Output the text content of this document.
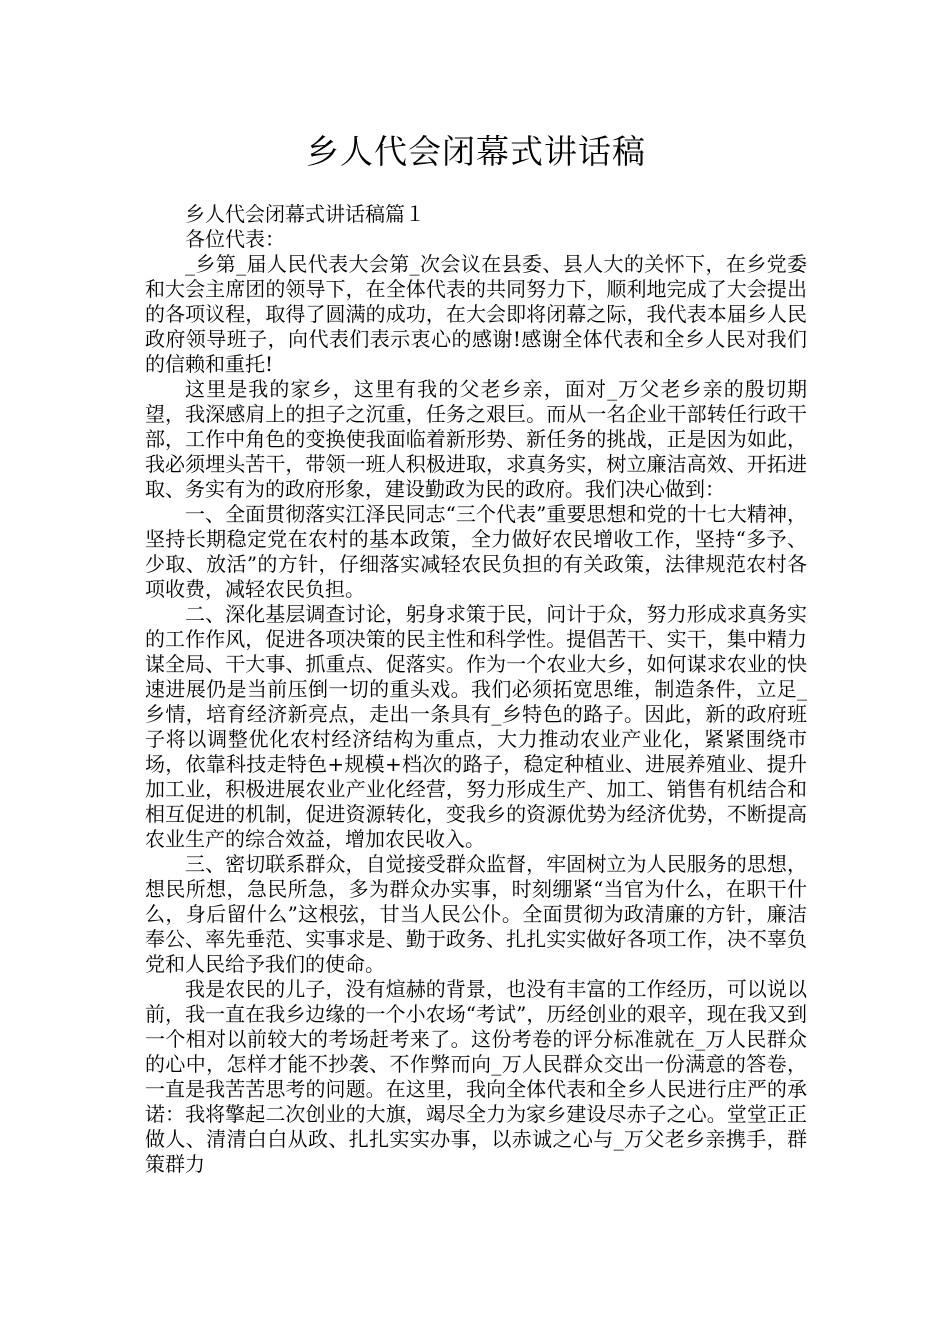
乡人代会闭幕式讲话稿

乡人代会闭幕式讲话稿篇１

各位代表：

_乡第_届人民代表大会第_次会议在县委、县人大的关怀下，在乡党委和大会主席团的领导下，在全体代表的共同努力下，顺利地完成了大会提出的各项议程，取得了圆满的成功，在大会即将闭幕之际，我代表本届乡人民政府领导班子，向代表们表示衷心的感谢!感谢全体代表和全乡人民对我们的信赖和重托!

这里是我的家乡，这里有我的父老乡亲，面对_万父老乡亲的殷切期望，我深感肩上的担子之沉重，任务之艰巨。而从一名企业干部转任行政干部，工作中角色的变换使我面临着新形势、新任务的挑战，正是因为如此，我必须埋头苦干，带领一班人积极进取，求真务实，树立廉洁高效、开拓进取、务实有为的政府形象，建设勤政为民的政府。我们决心做到：

一、全面贯彻落实江泽民同志“三个代表”重要思想和党的十七大精神，坚持长期稳定党在农村的基本政策，全力做好农民增收工作，坚持“多予、少取、放活”的方针，仔细落实减轻农民负担的有关政策，法律规范农村各项收费，减轻农民负担。

二、深化基层调查讨论，躬身求策于民，问计于众，努力形成求真务实的工作作风，促进各项决策的民主性和科学性。提倡苦干、实干，集中精力谋全局、干大事、抓重点、促落实。作为一个农业大乡，如何谋求农业的快速进展仍是当前压倒一切的重头戏。我们必须拓宽思维，制造条件，立足_乡情，培育经济新亮点，走出一条具有_乡特色的路子。因此，新的政府班子将以调整优化农村经济结构为重点，大力推动农业产业化，紧紧围绕市场，依靠科技走特色+规模+档次的路子，稳定种植业、进展养殖业、提升加工业，积极进展农业产业化经营，努力形成生产、加工、销售有机结合和相互促进的机制，促进资源转化，变我乡的资源优势为经济优势，不断提高农业生产的综合效益，增加农民收入。

三、密切联系群众，自觉接受群众监督，牢固树立为人民服务的思想，想民所想，急民所急，多为群众办实事，时刻绷紧“当官为什么，在职干什么，身后留什么”这根弦，甘当人民公仆。全面贯彻为政清廉的方针，廉洁奉公、率先垂范、实事求是、勤于政务、扎扎实实做好各项工作，决不辜负党和人民给予我们的使命。

我是农民的儿子，没有煊赫的背景，也没有丰富的工作经历，可以说以前，我一直在我乡边缘的一个小农场“考试”，历经创业的艰辛，现在我又到一个相对以前较大的考场赶考来了。这份考卷的评分标准就在_万人民群众的心中，怎样才能不抄袭、不作弊而向_万人民群众交出一份满意的答卷，一直是我苦苦思考的问题。在这里，我向全体代表和全乡人民进行庄严的承诺：我将擎起二次创业的大旗，竭尽全力为家乡建设尽赤子之心。堂堂正正做人、清清白白从政、扎扎实实办事，以赤诚之心与_万父老乡亲携手，群策群力
